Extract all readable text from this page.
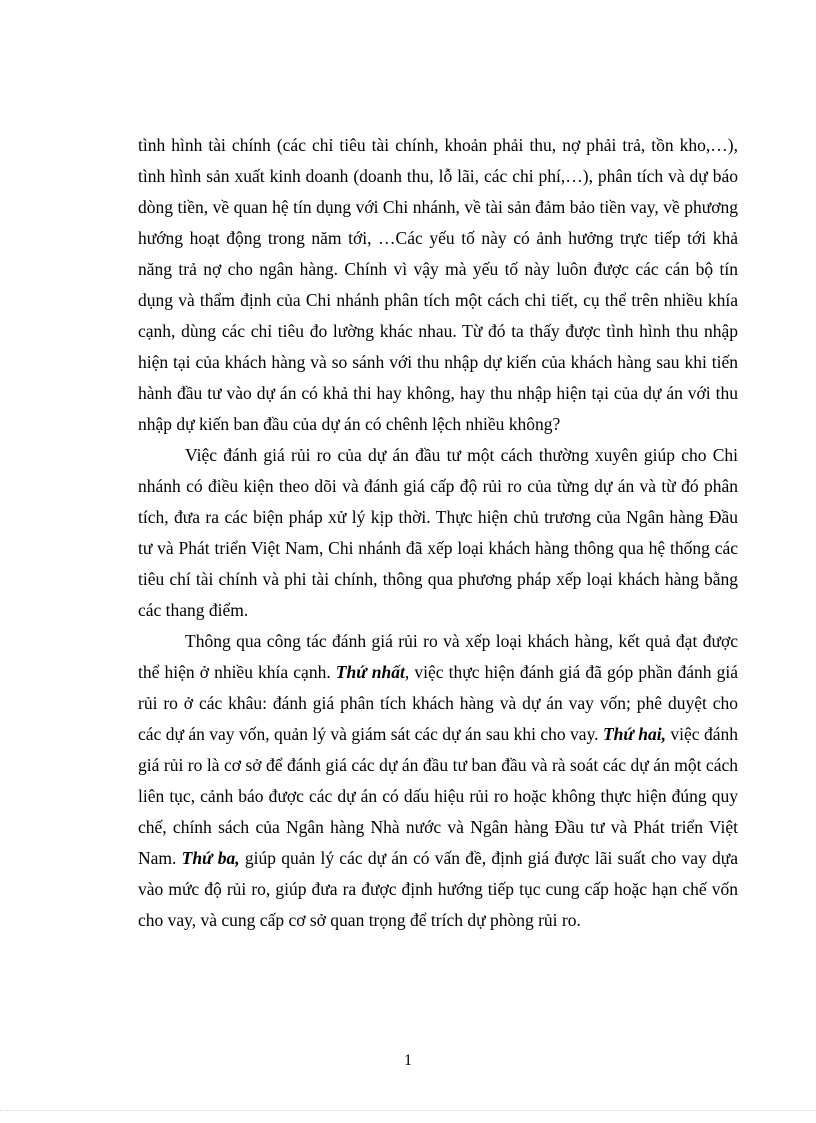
tình hình tài chính (các chỉ tiêu tài chính, khoản phải thu, nợ phải trả, tồn kho,…), tình hình sản xuất kinh doanh (doanh thu, lỗ lãi, các chi phí,…), phân tích và dự báo dòng tiền, về quan hệ tín dụng với Chi nhánh, về tài sản đảm bảo tiền vay, về phương hướng hoạt động trong năm tới, …Các yếu tố này có ảnh hưởng trực tiếp tới khả năng trả nợ cho ngân hàng. Chính vì vậy mà yếu tố này luôn được các cán bộ tín dụng và thẩm định của Chi nhánh phân tích một cách chi tiết, cụ thể trên nhiều khía cạnh, dùng các chỉ tiêu đo lường khác nhau. Từ đó ta thấy được tình hình thu nhập hiện tại của khách hàng và so sánh với thu nhập dự kiến của khách hàng sau khi tiến hành đầu tư vào dự án có khả thi hay không, hay thu nhập hiện tại của dự án với thu nhập dự kiến ban đầu của dự án có chênh lệch nhiều không?

Việc đánh giá rủi ro của dự án đầu tư một cách thường xuyên giúp cho Chi nhánh có điều kiện theo dõi và đánh giá cấp độ rủi ro của từng dự án và từ đó phân tích, đưa ra các biện pháp xử lý kịp thời. Thực hiện chủ trương của Ngân hàng Đầu tư và Phát triển Việt Nam, Chi nhánh đã xếp loại khách hàng thông qua hệ thống các tiêu chí tài chính và phi tài chính, thông qua phương pháp xếp loại khách hàng bằng các thang điểm.

Thông qua công tác đánh giá rủi ro và xếp loại khách hàng, kết quả đạt được thể hiện ở nhiều khía cạnh. Thứ nhất, việc thực hiện đánh giá đã góp phần đánh giá rủi ro ở các khâu: đánh giá phân tích khách hàng và dự án vay vốn; phê duyệt cho các dự án vay vốn, quản lý và giám sát các dự án sau khi cho vay. Thứ hai, việc đánh giá rủi ro là cơ sở để đánh giá các dự án đầu tư ban đầu và rà soát các dự án một cách liên tục, cảnh báo được các dự án có dấu hiệu rủi ro hoặc không thực hiện đúng quy chế, chính sách của Ngân hàng Nhà nước và Ngân hàng Đầu tư và Phát triển Việt Nam. Thứ ba, giúp quản lý các dự án có vấn đề, định giá được lãi suất cho vay dựa vào mức độ rủi ro, giúp đưa ra được định hướng tiếp tục cung cấp hoặc hạn chế vốn cho vay, và cung cấp cơ sở quan trọng để trích dự phòng rủi ro.

1
